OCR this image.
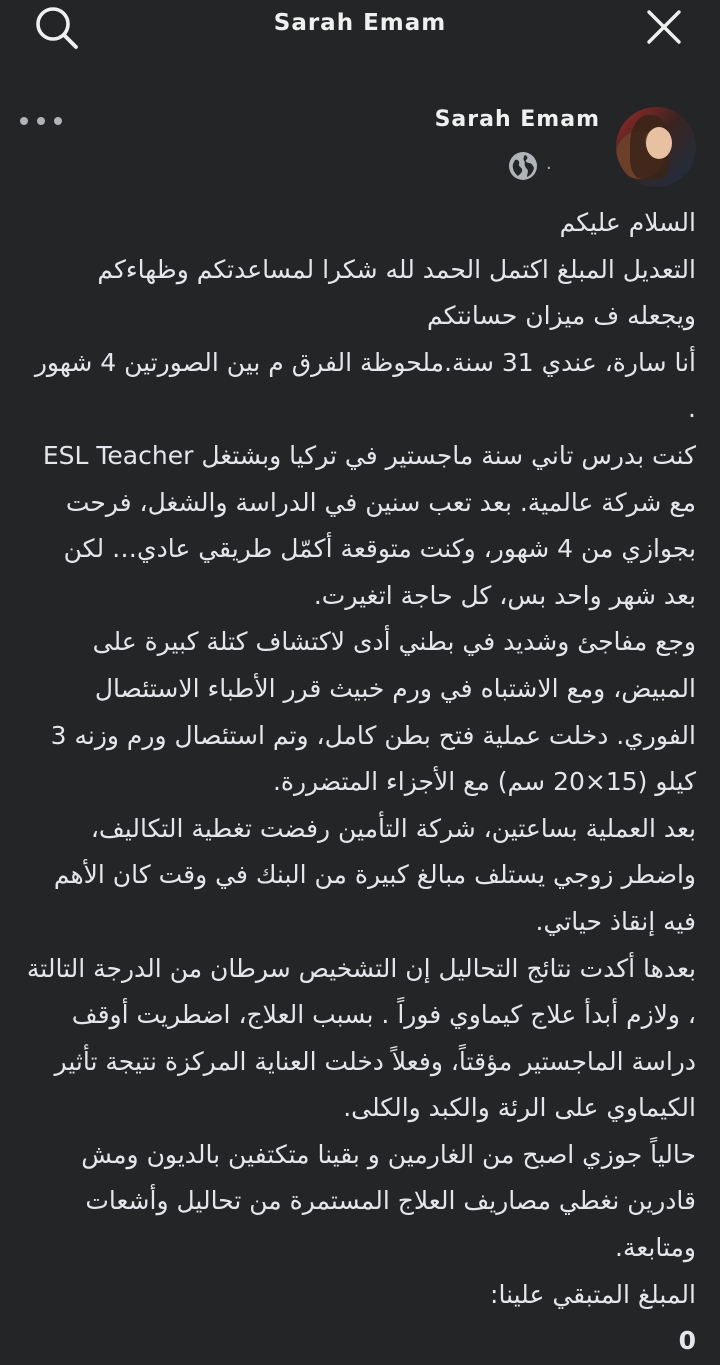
Sarah Emam
Sarah Emam
·

السلام عليكم

التعديل المبلغ اكتمل الحمد لله شكرا لمساعدتكم وظهاءكم ويجعله ف ميزان حسانتكم

أنا سارة، عندي 31 سنة.ملحوظة الفرق م بين الصورتين 4 شهور .

كنت بدرس تاني سنة ماجستير في تركيا وبشتغل ESL Teacher مع شركة عالمية. بعد تعب سنين في الدراسة والشغل، فرحت بجوازي من 4 شهور، وكنت متوقعة أكمّل طريقي عادي… لكن بعد شهر واحد بس، كل حاجة اتغيرت.

وجع مفاجئ وشديد في بطني أدى لاكتشاف كتلة كبيرة على المبيض، ومع الاشتباه في ورم خبيث قرر الأطباء الاستئصال الفوري. دخلت عملية فتح بطن كامل، وتم استئصال ورم وزنه 3 كيلو (15×20 سم) مع الأجزاء المتضررة.

بعد العملية بساعتين، شركة التأمين رفضت تغطية التكاليف، واضطر زوجي يستلف مبالغ كبيرة من البنك في وقت كان الأهم فيه إنقاذ حياتي.

بعدها أكدت نتائج التحاليل إن التشخيص سرطان من الدرجة التالتة ، ولازم أبدأ علاج كيماوي فوراً . بسبب العلاج، اضطريت أوقف دراسة الماجستير مؤقتاً، وفعلاً دخلت العناية المركزة نتيجة تأثير الكيماوي على الرئة والكبد والكلى.

حالياً جوزي اصبح من الغارمين و بقينا متكتفين بالديون ومش قادرين نغطي مصاريف العلاج المستمرة من تحاليل وأشعات ومتابعة.

المبلغ المتبقي علينا:

0
